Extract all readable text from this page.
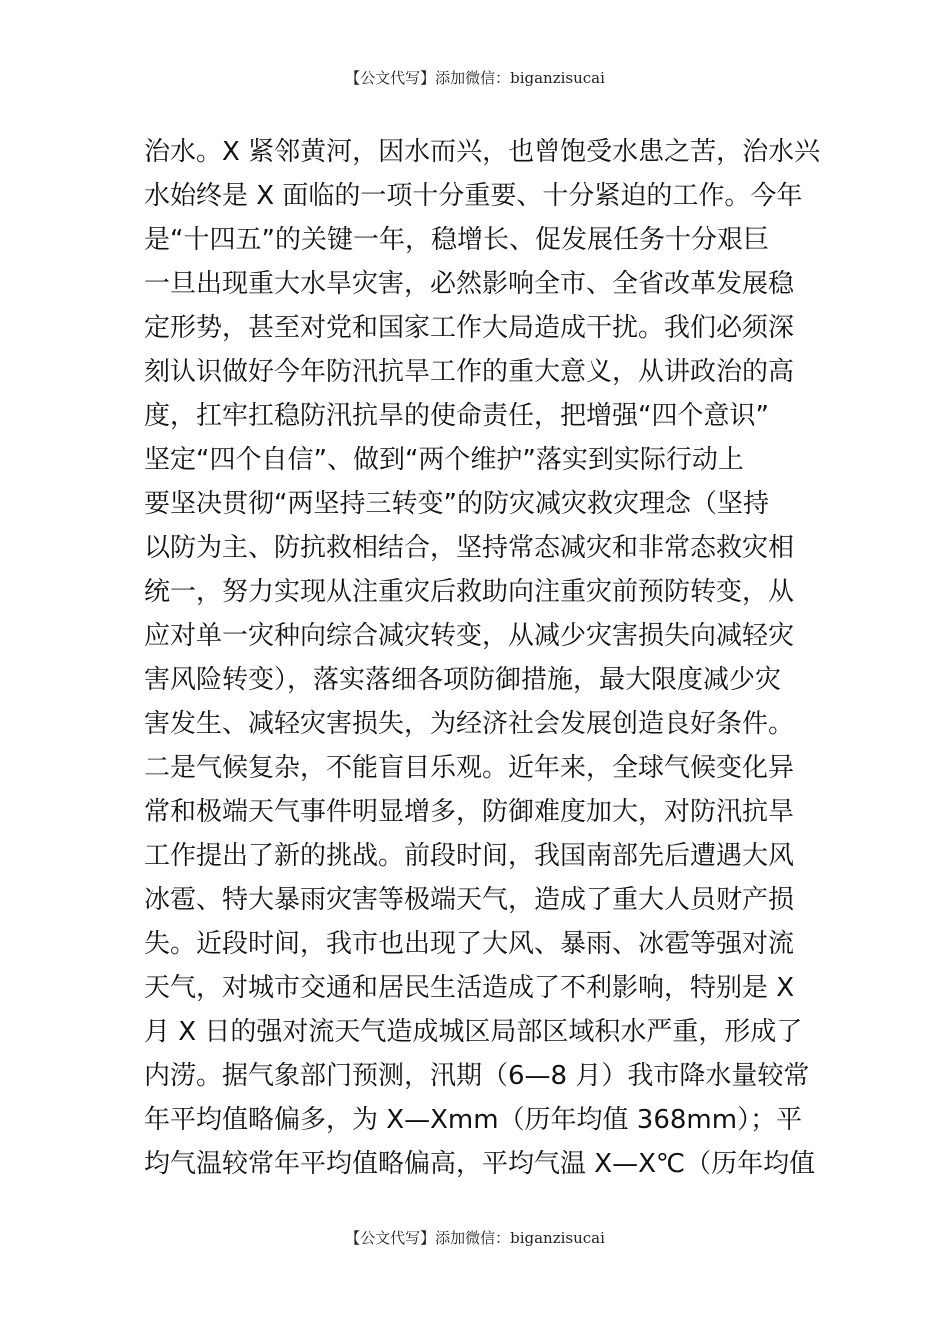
【公文代写】添加微信：biganzisucai
治水。X 紧邻黄河，因水而兴，也曾饱受水患之苦，治水兴
水始终是 X 面临的一项十分重要、十分紧迫的工作。今年
是“十四五”的关键一年，稳增长、促发展任务十分艰巨
一旦出现重大水旱灾害，必然影响全市、全省改革发展稳
定形势，甚至对党和国家工作大局造成干扰。我们必须深
刻认识做好今年防汛抗旱工作的重大意义，从讲政治的高
度，扛牢扛稳防汛抗旱的使命责任，把增强“四个意识”
坚定“四个自信”、做到“两个维护”落实到实际行动上
要坚决贯彻“两坚持三转变”的防灾减灾救灾理念（坚持
以防为主、防抗救相结合，坚持常态减灾和非常态救灾相
统一，努力实现从注重灾后救助向注重灾前预防转变，从
应对单一灾种向综合减灾转变，从减少灾害损失向减轻灾
害风险转变），落实落细各项防御措施，最大限度减少灾
害发生、减轻灾害损失，为经济社会发展创造良好条件。
二是气候复杂，不能盲目乐观。近年来，全球气候变化异
常和极端天气事件明显增多，防御难度加大，对防汛抗旱
工作提出了新的挑战。前段时间，我国南部先后遭遇大风
冰雹、特大暴雨灾害等极端天气，造成了重大人员财产损
失。近段时间，我市也出现了大风、暴雨、冰雹等强对流
天气，对城市交通和居民生活造成了不利影响，特别是 X
月 X 日的强对流天气造成城区局部区域积水严重，形成了
内涝。据气象部门预测，汛期（6—8 月）我市降水量较常
年平均值略偏多，为 X—Xmm（历年均值 368mm）；平
均气温较常年平均值略偏高，平均气温 X—X℃（历年均值
【公文代写】添加微信：biganzisucai
